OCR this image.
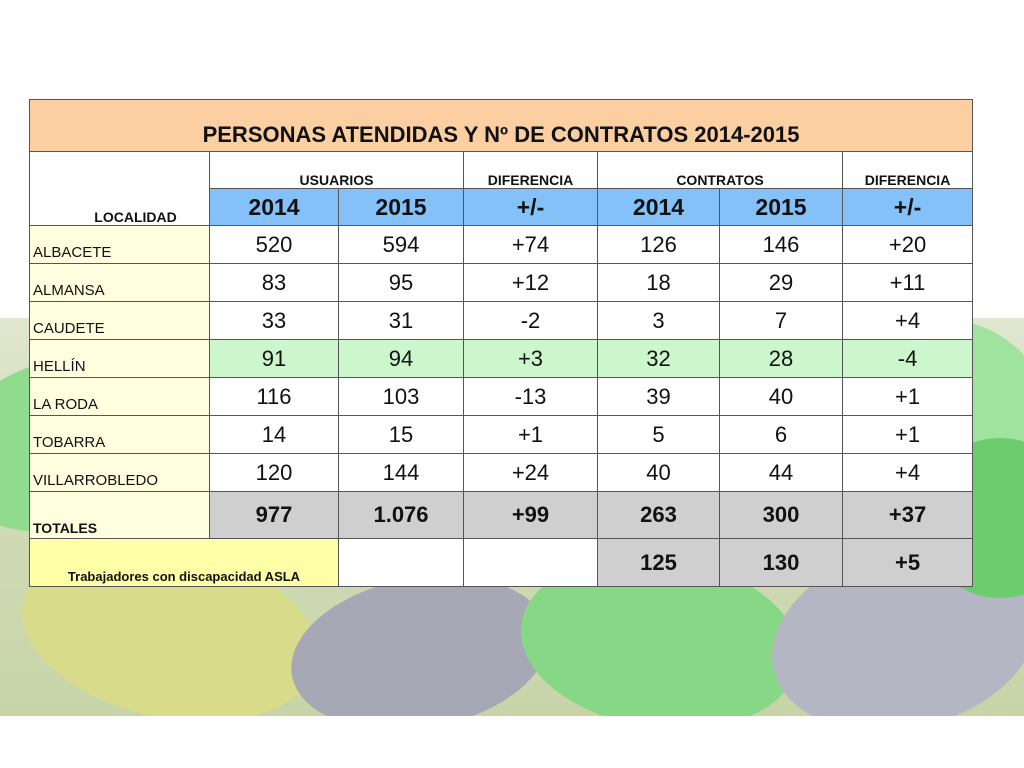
PERSONAS ATENDIDAS Y Nº DE CONTRATOS 2014-2015						
LOCALIDAD	USUARIOS		DIFERENCIA	CONTRATOS		DIFERENCIA
	2014	2015	+/-	2014	2015	+/-
ALBACETE	520	594	+74	126	146	+20
ALMANSA	83	95	+12	18	29	+11
CAUDETE	33	31	-2	3	7	+4
HELLÍN	91	94	+3	32	28	-4
LA RODA	116	103	-13	39	40	+1
TOBARRA	14	15	+1	5	6	+1
VILLARROBLEDO	120	144	+24	40	44	+4
TOTALES	977	1.076	+99	263	300	+37
Trabajadores con discapacidad ASLA				125	130	+5
